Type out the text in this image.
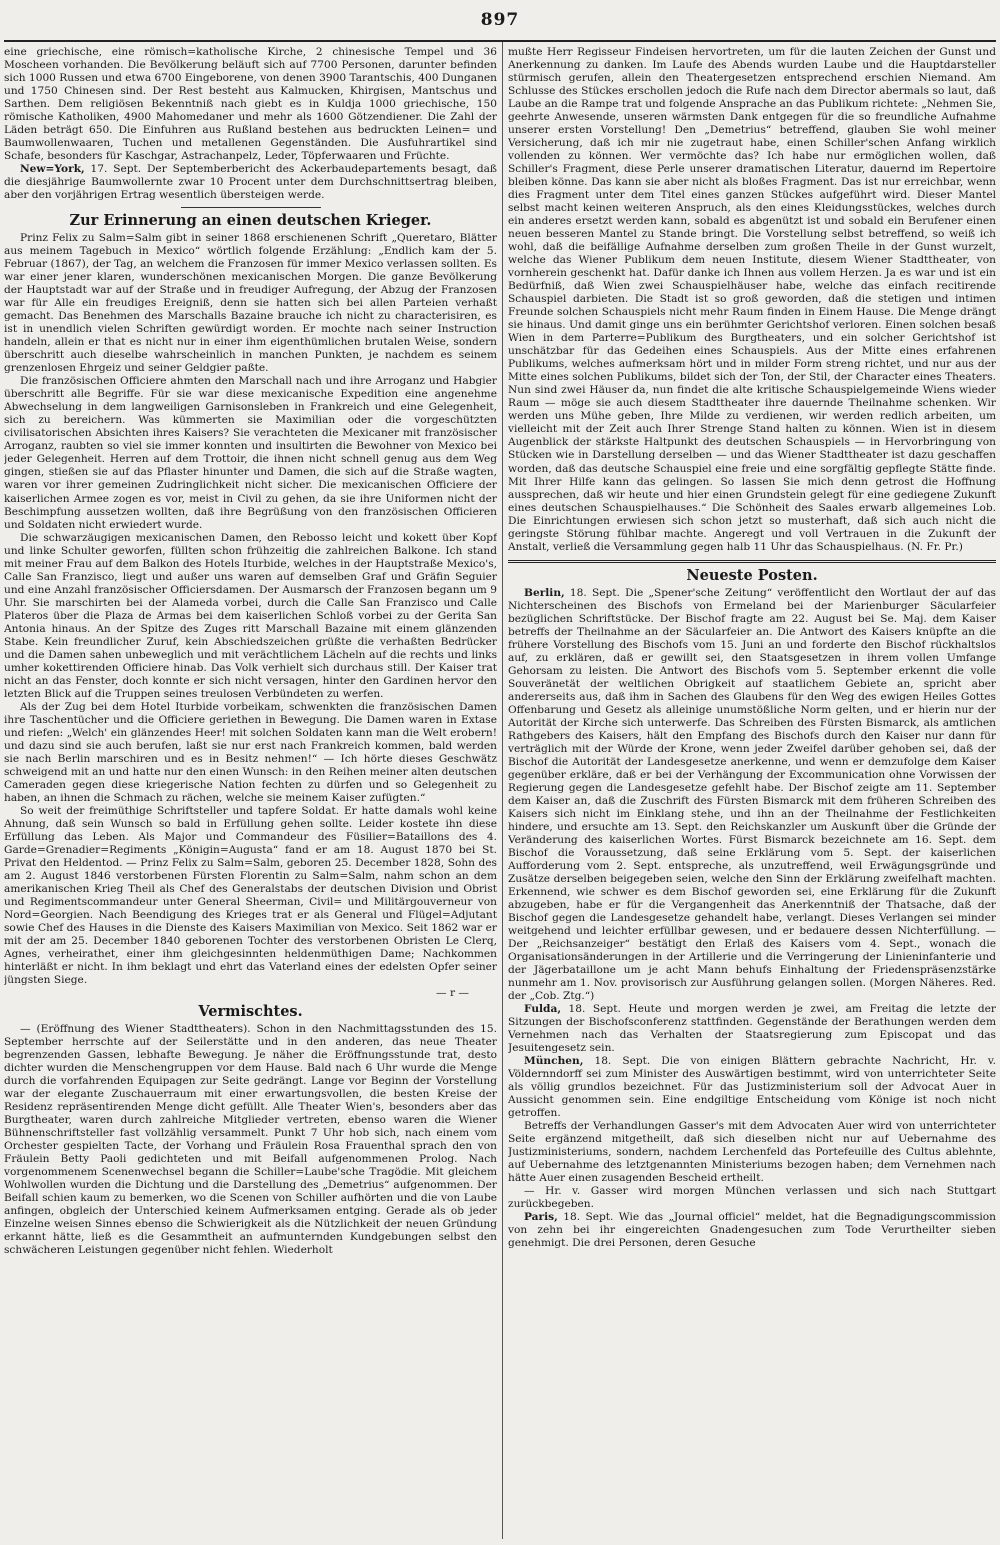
897

eine griechische, eine römisch=katholische Kirche, 2 chinesische Tempel und 36 Moscheen vorhanden. Die Bevölkerung beläuft sich auf 7700 Personen, darunter befinden sich 1000 Russen und etwa 6700 Eingeborene, von denen 3900 Tarantschis, 400 Dunganen und 1750 Chinesen sind. Der Rest besteht aus Kalmucken, Khirgisen, Mantschus und Sarthen. Dem religiösen Bekenntniß nach giebt es in Kuldja 1000 griechische, 150 römische Katholiken, 4900 Mahomedaner und mehr als 1600 Götzendiener. Die Zahl der Läden beträgt 650. Die Einfuhren aus Rußland bestehen aus bedruckten Leinen= und Baumwollenwaaren, Tuchen und metallenen Gegenständen. Die Ausfuhrartikel sind Schafe, besonders für Kaschgar, Astrachanpelz, Leder, Töpferwaaren und Früchte.

New=York, 17. Sept. Der Septemberbericht des Ackerbaudepartements besagt, daß die diesjährige Baumwollernte zwar 10 Procent unter dem Durchschnittsertrag bleiben, aber den vorjährigen Ertrag wesentlich übersteigen werde.

Zur Erinnerung an einen deutschen Krieger.

Prinz Felix zu Salm=Salm gibt in seiner 1868 erschienenen Schrift „Queretaro, Blätter aus meinem Tagebuch in Mexico“ wörtlich folgende Erzählung: „Endlich kam der 5. Februar (1867), der Tag, an welchem die Franzosen für immer Mexico verlassen sollten. Es war einer jener klaren, wunderschönen mexicanischen Morgen. Die ganze Bevölkerung der Hauptstadt war auf der Straße und in freudiger Aufregung, der Abzug der Franzosen war für Alle ein freudiges Ereigniß, denn sie hatten sich bei allen Parteien verhaßt gemacht. Das Benehmen des Marschalls Bazaine brauche ich nicht zu characterisiren, es ist in unendlich vielen Schriften gewürdigt worden. Er mochte nach seiner Instruction handeln, allein er that es nicht nur in einer ihm eigenthümlichen brutalen Weise, sondern überschritt auch dieselbe wahrscheinlich in manchen Punkten, je nachdem es seinem grenzenlosen Ehrgeiz und seiner Geldgier paßte.

Die französischen Officiere ahmten den Marschall nach und ihre Arroganz und Habgier überschritt alle Begriffe. Für sie war diese mexicanische Expedition eine angenehme Abwechselung in dem langweiligen Garnisonsleben in Frankreich und eine Gelegenheit, sich zu bereichern. Was kümmerten sie Maximilian oder die vorgeschützten civilisatorischen Absichten ihres Kaisers? Sie verachteten die Mexicaner mit französischer Arroganz, raubten so viel sie immer konnten und insultirten die Bewohner von Mexico bei jeder Gelegenheit. Herren auf dem Trottoir, die ihnen nicht schnell genug aus dem Weg gingen, stießen sie auf das Pflaster hinunter und Damen, die sich auf die Straße wagten, waren vor ihrer gemeinen Zudringlichkeit nicht sicher. Die mexicanischen Officiere der kaiserlichen Armee zogen es vor, meist in Civil zu gehen, da sie ihre Uniformen nicht der Beschimpfung aussetzen wollten, daß ihre Begrüßung von den französischen Officieren und Soldaten nicht erwiedert wurde.

Die schwarzäugigen mexicanischen Damen, den Rebosso leicht und kokett über Kopf und linke Schulter geworfen, füllten schon frühzeitig die zahlreichen Balkone. Ich stand mit meiner Frau auf dem Balkon des Hotels Iturbide, welches in der Hauptstraße Mexico's, Calle San Franzisco, liegt und außer uns waren auf demselben Graf und Gräfin Seguier und eine Anzahl französischer Officiersdamen. Der Ausmarsch der Franzosen begann um 9 Uhr. Sie marschirten bei der Alameda vorbei, durch die Calle San Franzisco und Calle Plateros über die Plaza de Armas bei dem kaiserlichen Schloß vorbei zu der Gerita San Antonia hinaus. An der Spitze des Zuges ritt Marschall Bazaine mit einem glänzenden Stabe. Kein freundlicher Zuruf, kein Abschiedszeichen grüßte die verhaßten Bedrücker und die Damen sahen unbeweglich und mit verächtlichem Lächeln auf die rechts und links umher kokettirenden Officiere hinab. Das Volk verhielt sich durchaus still. Der Kaiser trat nicht an das Fenster, doch konnte er sich nicht versagen, hinter den Gardinen hervor den letzten Blick auf die Truppen seines treulosen Verbündeten zu werfen.

Als der Zug bei dem Hotel Iturbide vorbeikam, schwenkten die französischen Damen ihre Taschentücher und die Officiere geriethen in Bewegung. Die Damen waren in Extase und riefen: „Welch' ein glänzendes Heer! mit solchen Soldaten kann man die Welt erobern! und dazu sind sie auch berufen, laßt sie nur erst nach Frankreich kommen, bald werden sie nach Berlin marschiren und es in Besitz nehmen!“ — Ich hörte dieses Geschwätz schweigend mit an und hatte nur den einen Wunsch: in den Reihen meiner alten deutschen Cameraden gegen diese kriegerische Nation fechten zu dürfen und so Gelegenheit zu haben, an ihnen die Schmach zu rächen, welche sie meinem Kaiser zufügten.“

So weit der freimüthige Schriftsteller und tapfere Soldat. Er hatte damals wohl keine Ahnung, daß sein Wunsch so bald in Erfüllung gehen sollte. Leider kostete ihn diese Erfüllung das Leben. Als Major und Commandeur des Füsilier=Bataillons des 4. Garde=Grenadier=Regiments „Königin=Augusta“ fand er am 18. August 1870 bei St. Privat den Heldentod. — Prinz Felix zu Salm=Salm, geboren 25. December 1828, Sohn des am 2. August 1846 verstorbenen Fürsten Florentin zu Salm=Salm, nahm schon an dem amerikanischen Krieg Theil als Chef des Generalstabs der deutschen Division und Obrist und Regimentscommandeur unter General Sheerman, Civil= und Militärgouverneur von Nord=Georgien. Nach Beendigung des Krieges trat er als General und Flügel=Adjutant sowie Chef des Hauses in die Dienste des Kaisers Maximilian von Mexico. Seit 1862 war er mit der am 25. December 1840 geborenen Tochter des verstorbenen Obristen Le Clerq, Agnes, verheirathet, einer ihm gleichgesinnten heldenmüthigen Dame; Nachkommen hinterläßt er nicht. In ihm beklagt und ehrt das Vaterland eines der edelsten Opfer seiner jüngsten Siege.

— r —
Vermischtes.

— (Eröffnung des Wiener Stadttheaters). Schon in den Nachmittagsstunden des 15. September herrschte auf der Seilerstätte und in den anderen, das neue Theater begrenzenden Gassen, lebhafte Bewegung. Je näher die Eröffnungsstunde trat, desto dichter wurden die Menschengruppen vor dem Hause. Bald nach 6 Uhr wurde die Menge durch die vorfahrenden Equipagen zur Seite gedrängt. Lange vor Beginn der Vorstellung war der elegante Zuschauerraum mit einer erwartungsvollen, die besten Kreise der Residenz repräsentirenden Menge dicht gefüllt. Alle Theater Wien's, besonders aber das Burgtheater, waren durch zahlreiche Mitglieder vertreten, ebenso waren die Wiener Bühnenschriftsteller fast vollzählig versammelt. Punkt 7 Uhr hob sich, nach einem vom Orchester gespielten Tacte, der Vorhang und Fräulein Rosa Frauenthal sprach den von Fräulein Betty Paoli gedichteten und mit Beifall aufgenommenen Prolog. Nach vorgenommenem Scenenwechsel begann die Schiller=Laube'sche Tragödie. Mit gleichem Wohlwollen wurden die Dichtung und die Darstellung des „Demetrius“ aufgenommen. Der Beifall schien kaum zu bemerken, wo die Scenen von Schiller aufhörten und die von Laube anfingen, obgleich der Unterschied keinem Aufmerksamen entging. Gerade als ob jeder Einzelne weisen Sinnes ebenso die Schwierigkeit als die Nützlichkeit der neuen Gründung erkannt hätte, ließ es die Gesammtheit an aufmunternden Kundgebungen selbst den schwächeren Leistungen gegenüber nicht fehlen. Wiederholt

mußte Herr Regisseur Findeisen hervortreten, um für die lauten Zeichen der Gunst und Anerkennung zu danken. Im Laufe des Abends wurden Laube und die Hauptdarsteller stürmisch gerufen, allein den Theatergesetzen entsprechend erschien Niemand. Am Schlusse des Stückes erschollen jedoch die Rufe nach dem Director abermals so laut, daß Laube an die Rampe trat und folgende Ansprache an das Publikum richtete: „Nehmen Sie, geehrte Anwesende, unseren wärmsten Dank entgegen für die so freundliche Aufnahme unserer ersten Vorstellung! Den „Demetrius“ betreffend, glauben Sie wohl meiner Versicherung, daß ich mir nie zugetraut habe, einen Schiller'schen Anfang wirklich vollenden zu können. Wer vermöchte das? Ich habe nur ermöglichen wollen, daß Schiller's Fragment, diese Perle unserer dramatischen Literatur, dauernd im Repertoire bleiben könne. Das kann sie aber nicht als bloßes Fragment. Das ist nur erreichbar, wenn dies Fragment unter dem Titel eines ganzen Stückes aufgeführt wird. Dieser Mantel selbst macht keinen weiteren Anspruch, als den eines Kleidungsstückes, welches durch ein anderes ersetzt werden kann, sobald es abgenützt ist und sobald ein Berufener einen neuen besseren Mantel zu Stande bringt. Die Vorstellung selbst betreffend, so weiß ich wohl, daß die beifällige Aufnahme derselben zum großen Theile in der Gunst wurzelt, welche das Wiener Publikum dem neuen Institute, diesem Wiener Stadttheater, von vornherein geschenkt hat. Dafür danke ich Ihnen aus vollem Herzen. Ja es war und ist ein Bedürfniß, daß Wien zwei Schauspielhäuser habe, welche das einfach recitirende Schauspiel darbieten. Die Stadt ist so groß geworden, daß die stetigen und intimen Freunde solchen Schauspiels nicht mehr Raum finden in Einem Hause. Die Menge drängt sie hinaus. Und damit ginge uns ein berühmter Gerichtshof verloren. Einen solchen besaß Wien in dem Parterre=Publikum des Burgtheaters, und ein solcher Gerichtshof ist unschätzbar für das Gedeihen eines Schauspiels. Aus der Mitte eines erfahrenen Publikums, welches aufmerksam hört und in milder Form streng richtet, und nur aus der Mitte eines solchen Publikums, bildet sich der Ton, der Stil, der Character eines Theaters. Nun sind zwei Häuser da, nun findet die alte kritische Schauspielgemeinde Wiens wieder Raum — möge sie auch diesem Stadttheater ihre dauernde Theilnahme schenken. Wir werden uns Mühe geben, Ihre Milde zu verdienen, wir werden redlich arbeiten, um vielleicht mit der Zeit auch Ihrer Strenge Stand halten zu können. Wien ist in diesem Augenblick der stärkste Haltpunkt des deutschen Schauspiels — in Hervorbringung von Stücken wie in Darstellung derselben — und das Wiener Stadttheater ist dazu geschaffen worden, daß das deutsche Schauspiel eine freie und eine sorgfältig gepflegte Stätte finde. Mit Ihrer Hilfe kann das gelingen. So lassen Sie mich denn getrost die Hoffnung aussprechen, daß wir heute und hier einen Grundstein gelegt für eine gediegene Zukunft eines deutschen Schauspielhauses.“ Die Schönheit des Saales erwarb allgemeines Lob. Die Einrichtungen erwiesen sich schon jetzt so musterhaft, daß sich auch nicht die geringste Störung fühlbar machte. Angeregt und voll Vertrauen in die Zukunft der Anstalt, verließ die Versammlung gegen halb 11 Uhr das Schauspielhaus. (N. Fr. Pr.)

Neueste Posten.

Berlin, 18. Sept. Die „Spener'sche Zeitung“ veröffentlicht den Wortlaut der auf das Nichterscheinen des Bischofs von Ermeland bei der Marienburger Säcularfeier bezüglichen Schriftstücke. Der Bischof fragte am 22. August bei Se. Maj. dem Kaiser betreffs der Theilnahme an der Säcularfeier an. Die Antwort des Kaisers knüpfte an die frühere Vorstellung des Bischofs vom 15. Juni an und forderte den Bischof rückhaltslos auf, zu erklären, daß er gewillt sei, den Staatsgesetzen in ihrem vollen Umfange Gehorsam zu leisten. Die Antwort des Bischofs vom 5. September erkennt die volle Souveränetät der weltlichen Obrigkeit auf staatlichem Gebiete an, spricht aber andererseits aus, daß ihm in Sachen des Glaubens für den Weg des ewigen Heiles Gottes Offenbarung und Gesetz als alleinige unumstößliche Norm gelten, und er hierin nur der Autorität der Kirche sich unterwerfe. Das Schreiben des Fürsten Bismarck, als amtlichen Rathgebers des Kaisers, hält den Empfang des Bischofs durch den Kaiser nur dann für verträglich mit der Würde der Krone, wenn jeder Zweifel darüber gehoben sei, daß der Bischof die Autorität der Landesgesetze anerkenne, und wenn er demzufolge dem Kaiser gegenüber erkläre, daß er bei der Verhängung der Excommunication ohne Vorwissen der Regierung gegen die Landesgesetze gefehlt habe. Der Bischof zeigte am 11. September dem Kaiser an, daß die Zuschrift des Fürsten Bismarck mit dem früheren Schreiben des Kaisers sich nicht im Einklang stehe, und ihn an der Theilnahme der Festlichkeiten hindere, und ersuchte am 13. Sept. den Reichskanzler um Auskunft über die Gründe der Veränderung des kaiserlichen Wortes. Fürst Bismarck bezeichnete am 16. Sept. dem Bischof die Voraussetzung, daß seine Erklärung vom 5. Sept. der kaiserlichen Aufforderung vom 2. Sept. entspreche, als unzutreffend, weil Erwägungsgründe und Zusätze derselben beigegeben seien, welche den Sinn der Erklärung zweifelhaft machten. Erkennend, wie schwer es dem Bischof geworden sei, eine Erklärung für die Zukunft abzugeben, habe er für die Vergangenheit das Anerkenntniß der Thatsache, daß der Bischof gegen die Landesgesetze gehandelt habe, verlangt. Dieses Verlangen sei minder weitgehend und leichter erfüllbar gewesen, und er bedauere dessen Nichterfüllung. — Der „Reichsanzeiger“ bestätigt den Erlaß des Kaisers vom 4. Sept., wonach die Organisationsänderungen in der Artillerie und die Verringerung der Linieninfanterie und der Jägerbataillone um je acht Mann behufs Einhaltung der Friedenspräsenzstärke nunmehr am 1. Nov. provisorisch zur Ausführung gelangen sollen. (Morgen Näheres. Red. der „Cob. Ztg.“)

Fulda, 18. Sept. Heute und morgen werden je zwei, am Freitag die letzte der Sitzungen der Bischofsconferenz stattfinden. Gegenstände der Berathungen werden dem Vernehmen nach das Verhalten der Staatsregierung zum Episcopat und das Jesuitengesetz sein.

München, 18. Sept. Die von einigen Blättern gebrachte Nachricht, Hr. v. Völdernndorff sei zum Minister des Auswärtigen bestimmt, wird von unterrichteter Seite als völlig grundlos bezeichnet. Für das Justizministerium soll der Advocat Auer in Aussicht genommen sein. Eine endgiltige Entscheidung vom Könige ist noch nicht getroffen.

Betreffs der Verhandlungen Gasser's mit dem Advocaten Auer wird von unterrichteter Seite ergänzend mitgetheilt, daß sich dieselben nicht nur auf Uebernahme des Justizministeriums, sondern, nachdem Lerchenfeld das Portefeuille des Cultus ablehnte, auf Uebernahme des letztgenannten Ministeriums bezogen haben; dem Vernehmen nach hätte Auer einen zusagenden Bescheid ertheilt.

— Hr. v. Gasser wird morgen München verlassen und sich nach Stuttgart zurückbegeben.

Paris, 18. Sept. Wie das „Journal officiel“ meldet, hat die Begnadigungscommission von zehn bei ihr eingereichten Gnadengesuchen zum Tode Verurtheilter sieben genehmigt. Die drei Personen, deren Gesuche
